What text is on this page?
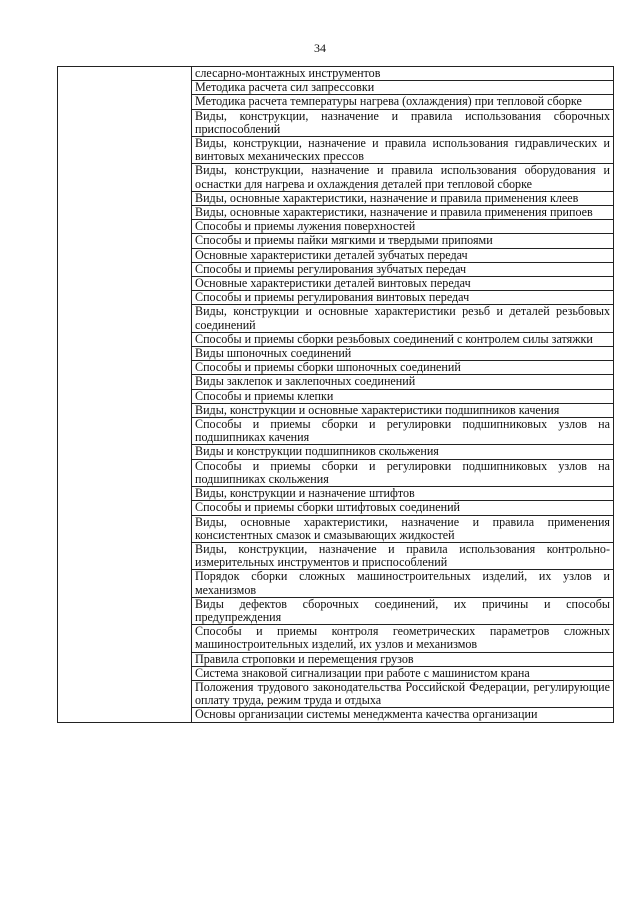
34
	слесарно-монтажных инструментов
Методика расчета сил запрессовки
Методика расчета температуры нагрева (охлаждения) при тепловой сборке
Виды, конструкции, назначение и правила использования сборочных приспособлений
Виды, конструкции, назначение и правила использования гидравлических и винтовых механических прессов
Виды, конструкции, назначение и правила использования оборудования и оснастки для нагрева и охлаждения деталей при тепловой сборке
Виды, основные характеристики, назначение и правила применения клеев
Виды, основные характеристики, назначение и правила применения припоев
Способы и приемы лужения поверхностей
Способы и приемы пайки мягкими и твердыми припоями
Основные характеристики деталей зубчатых передач
Способы и приемы регулирования зубчатых передач
Основные характеристики деталей винтовых передач
Способы и приемы регулирования винтовых передач
Виды, конструкции и основные характеристики резьб и деталей резьбовых соединений
Способы и приемы сборки резьбовых соединений с контролем силы затяжки
Виды шпоночных соединений
Способы и приемы сборки шпоночных соединений
Виды заклепок и заклепочных соединений
Способы и приемы клепки
Виды, конструкции и основные характеристики подшипников качения
Способы и приемы сборки и регулировки подшипниковых узлов на подшипниках качения
Виды и конструкции подшипников скольжения
Способы и приемы сборки и регулировки подшипниковых узлов на подшипниках скольжения
Виды, конструкции и назначение штифтов
Способы и приемы сборки штифтовых соединений
Виды, основные характеристики, назначение и правила применения консистентных смазок и смазывающих жидкостей
Виды, конструкции, назначение и правила использования контрольно-измерительных инструментов и приспособлений
Порядок сборки сложных машиностроительных изделий, их узлов и механизмов
Виды дефектов сборочных соединений, их причины и способы предупреждения
Способы и приемы контроля геометрических параметров сложных машиностроительных изделий, их узлов и механизмов
Правила строповки и перемещения грузов
Система знаковой сигнализации при работе с машинистом крана
Положения трудового законодательства Российской Федерации, регулирующие оплату труда, режим труда и отдыха
Основы организации системы менеджмента качества организации
